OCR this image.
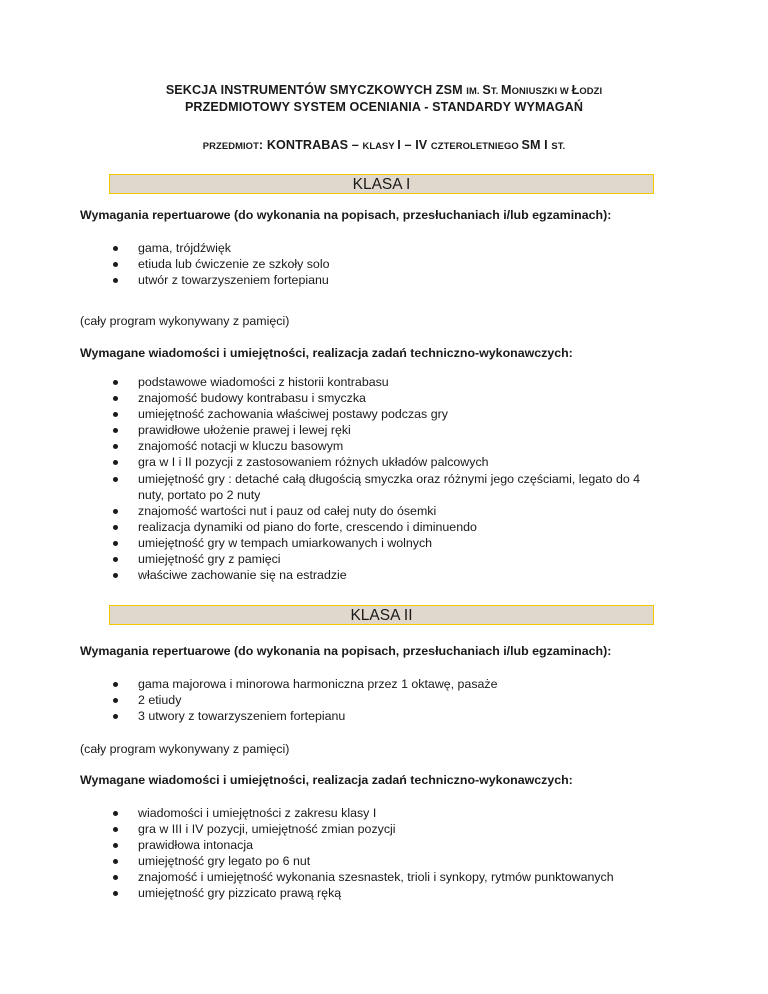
SEKCJA INSTRUMENTÓW SMYCZKOWYCH ZSM IM. ST. MONIUSZKI W ŁODZI
PRZEDMIOTOWY SYSTEM OCENIANIA - STANDARDY WYMAGAŃ
PRZEDMIOT: KONTRABAS – KLASY I – IV CZTEROLETNIEGO SM I ST.
KLASA I
Wymagania repertuarowe (do wykonania na popisach, przesłuchaniach i/lub egzaminach):
gama, trójdźwięk
etiuda lub ćwiczenie ze szkoły solo
utwór z towarzyszeniem fortepianu
(cały program wykonywany z pamięci)
Wymagane wiadomości i umiejętności, realizacja zadań techniczno-wykonawczych:
podstawowe wiadomości z historii kontrabasu
znajomość budowy kontrabasu i smyczka
umiejętność zachowania właściwej postawy podczas gry
prawidłowe ułożenie prawej i lewej ręki
znajomość notacji w kluczu basowym
gra w I i II pozycji z zastosowaniem różnych układów palcowych
umiejętność gry : detaché całą długością smyczka oraz różnymi jego częściami, legato do 4 nuty, portato po 2 nuty
znajomość wartości nut i pauz od całej nuty do ósemki
realizacja dynamiki od piano do forte, crescendo i diminuendo
umiejętność gry w tempach umiarkowanych i wolnych
umiejętność gry z pamięci
właściwe zachowanie się na estradzie
KLASA II
Wymagania repertuarowe (do wykonania na popisach, przesłuchaniach i/lub egzaminach):
gama majorowa i minorowa harmoniczna przez 1 oktawę, pasaże
2 etiudy
3 utwory z towarzyszeniem fortepianu
(cały program wykonywany z pamięci)
Wymagane wiadomości i umiejętności, realizacja zadań techniczno-wykonawczych:
wiadomości i umiejętności z zakresu klasy I
gra w III i IV pozycji, umiejętność zmian pozycji
prawidłowa intonacja
umiejętność gry legato po 6 nut
znajomość i umiejętność wykonania szesnastek, trioli i synkopy, rytmów punktowanych
umiejętność gry pizzicato prawą ręką
